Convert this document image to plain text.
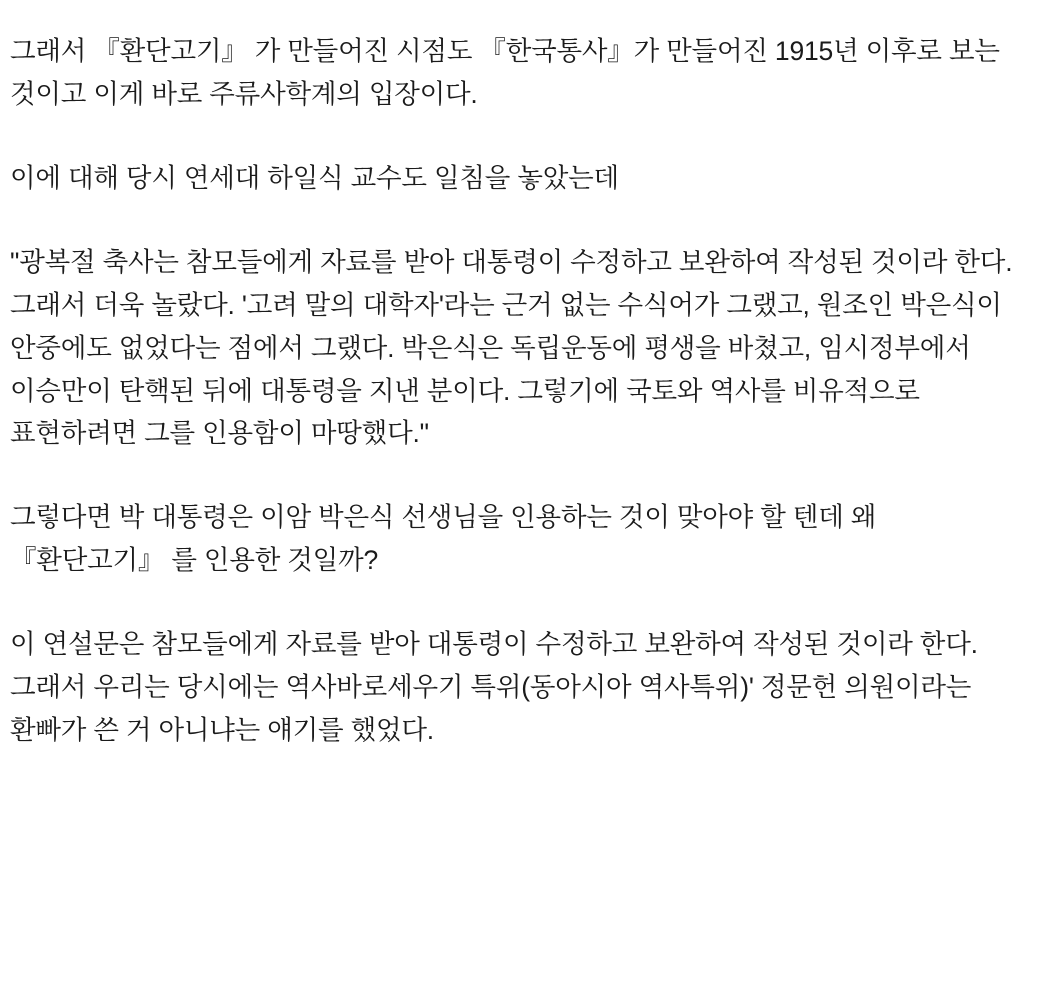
그래서 『환단고기』 가 만들어진 시점도 『한국통사』가 만들어진 1915년 이후로 보는 것이고 이게 바로 주류사학계의 입장이다.

이에 대해 당시 연세대 하일식 교수도 일침을 놓았는데

"광복절 축사는 참모들에게 자료를 받아 대통령이 수정하고 보완하여 작성된 것이라 한다. 그래서 더욱 놀랐다. '고려 말의 대학자'라는 근거 없는 수식어가 그랬고, 원조인 박은식이 안중에도 없었다는 점에서 그랬다. 박은식은 독립운동에 평생을 바쳤고, 임시정부에서 이승만이 탄핵된 뒤에 대통령을 지낸 분이다. 그렇기에 국토와 역사를 비유적으로 표현하려면 그를 인용함이 마땅했다."

그렇다면 박 대통령은 이암 박은식 선생님을 인용하는 것이 맞아야 할 텐데 왜 『환단고기』 를 인용한 것일까?

이 연설문은 참모들에게 자료를 받아 대통령이 수정하고 보완하여 작성된 것이라 한다.

그래서 우리는 당시에는 역사바로세우기 특위(동아시아 역사특위)' 정문헌 의원이라는 환빠가 쓴 거 아니냐는 얘기를 했었다.
